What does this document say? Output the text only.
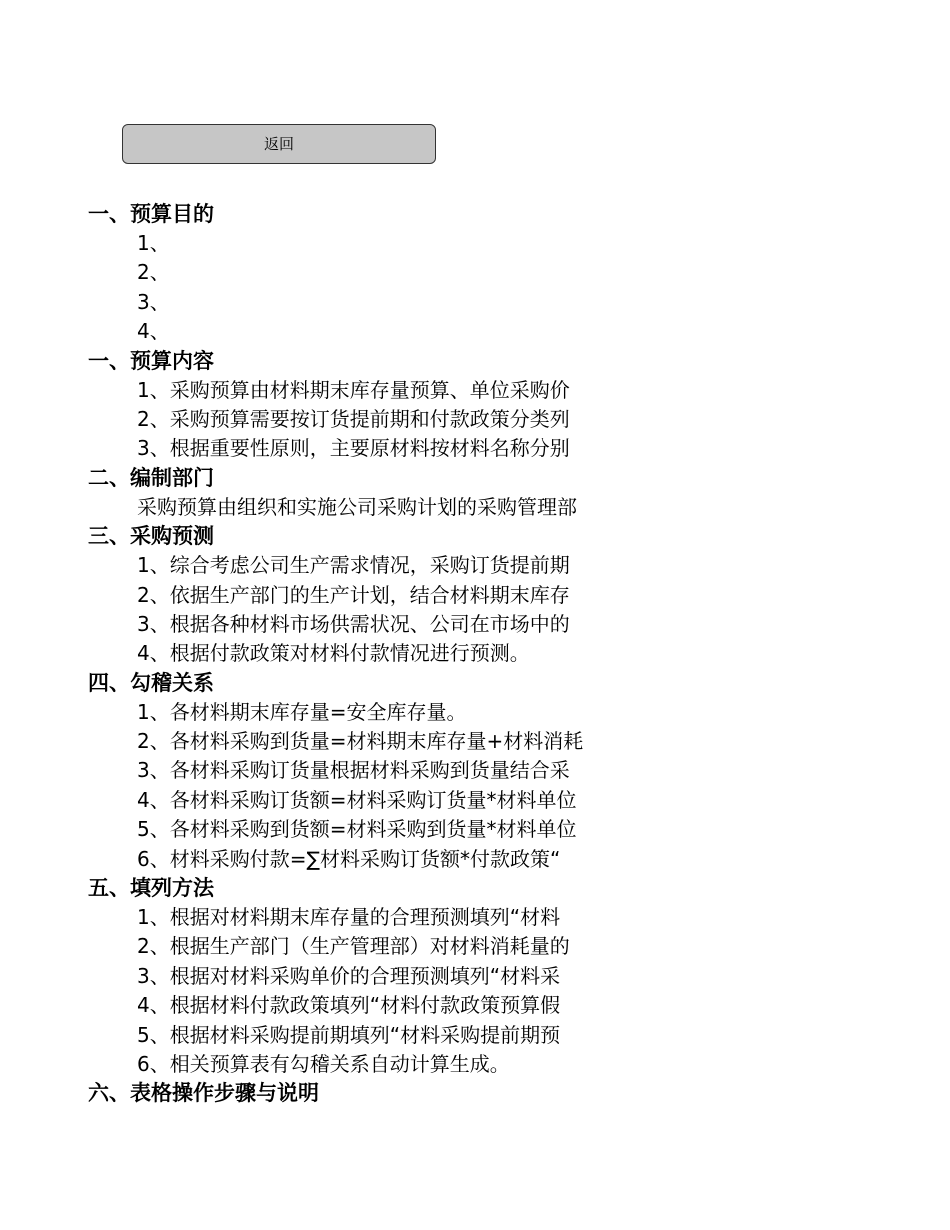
返回
一、预算目的
1、
2、
3、
4、
一、预算内容
1、采购预算由材料期末库存量预算、单位采购价
2、采购预算需要按订货提前期和付款政策分类列
3、根据重要性原则，主要原材料按材料名称分别
二、编制部门
采购预算由组织和实施公司采购计划的采购管理部
三、采购预测
1、综合考虑公司生产需求情况，采购订货提前期
2、依据生产部门的生产计划，结合材料期末库存
3、根据各种材料市场供需状况、公司在市场中的
4、根据付款政策对材料付款情况进行预测。
四、勾稽关系
1、各材料期末库存量=安全库存量。
2、各材料采购到货量=材料期末库存量+材料消耗
3、各材料采购订货量根据材料采购到货量结合采
4、各材料采购订货额=材料采购订货量*材料单位
5、各材料采购到货额=材料采购到货量*材料单位
6、材料采购付款=∑材料采购订货额*付款政策“
五、填列方法
1、根据对材料期末库存量的合理预测填列“材料
2、根据生产部门（生产管理部）对材料消耗量的
3、根据对材料采购单价的合理预测填列“材料采
4、根据材料付款政策填列“材料付款政策预算假
5、根据材料采购提前期填列“材料采购提前期预
6、相关预算表有勾稽关系自动计算生成。
六、表格操作步骤与说明
